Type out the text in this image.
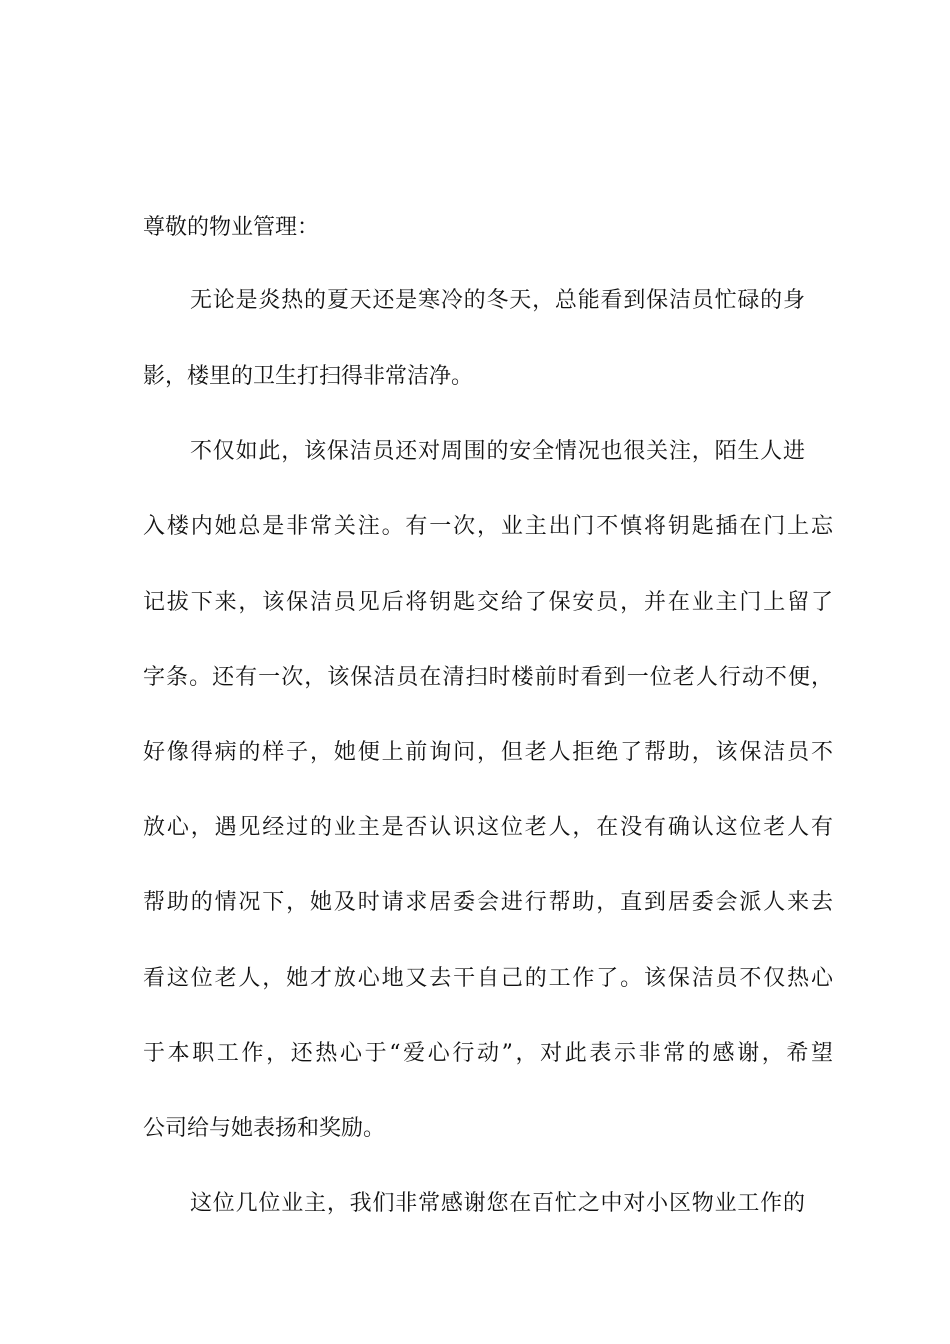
尊敬的物业管理：
无论是炎热的夏天还是寒冷的冬天，总能看到保洁员忙碌的身
影，楼里的卫生打扫得非常洁净。
不仅如此，该保洁员还对周围的安全情况也很关注，陌生人进
入楼内她总是非常关注。有一次，业主出门不慎将钥匙插在门上忘
记拔下来，该保洁员见后将钥匙交给了保安员，并在业主门上留了
字条。还有一次，该保洁员在清扫时楼前时看到一位老人行动不便，
好像得病的样子，她便上前询问，但老人拒绝了帮助，该保洁员不
放心，遇见经过的业主是否认识这位老人，在没有确认这位老人有
帮助的情况下，她及时请求居委会进行帮助，直到居委会派人来去
看这位老人，她才放心地又去干自己的工作了。该保洁员不仅热心
于本职工作，还热心于“爱心行动”，对此表示非常的感谢，希望
公司给与她表扬和奖励。
这位几位业主，我们非常感谢您在百忙之中对小区物业工作的
